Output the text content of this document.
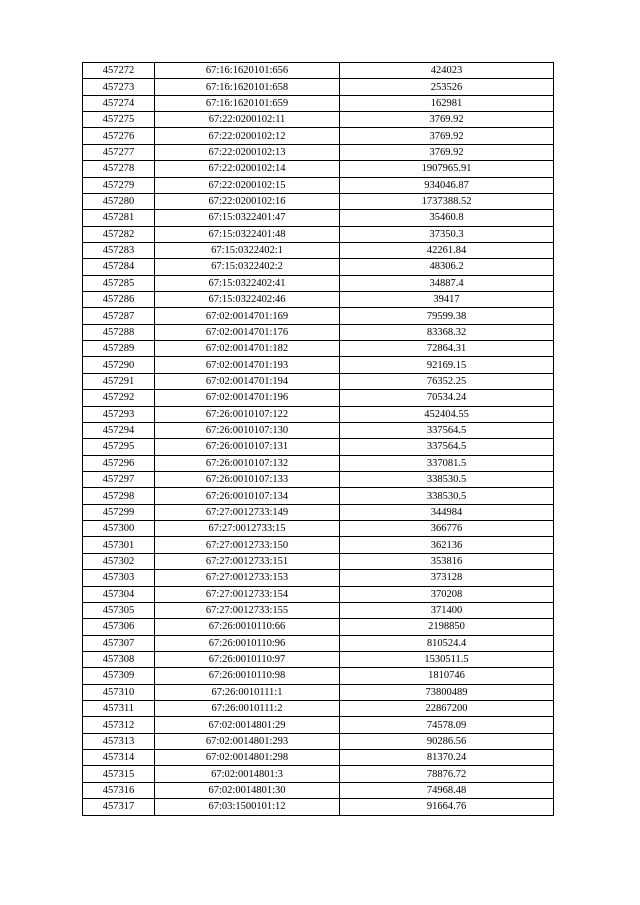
457272	67:16:1620101:656	424023
457273	67:16:1620101:658	253526
457274	67:16:1620101:659	162981
457275	67:22:0200102:11	3769.92
457276	67:22:0200102:12	3769.92
457277	67:22:0200102:13	3769.92
457278	67:22:0200102:14	1907965.91
457279	67:22:0200102:15	934046.87
457280	67:22:0200102:16	1737388.52
457281	67:15:0322401:47	35460.8
457282	67:15:0322401:48	37350.3
457283	67:15:0322402:1	42261.84
457284	67:15:0322402:2	48306.2
457285	67:15:0322402:41	34887.4
457286	67:15:0322402:46	39417
457287	67:02:0014701:169	79599.38
457288	67:02:0014701:176	83368.32
457289	67:02:0014701:182	72864.31
457290	67:02:0014701:193	92169.15
457291	67:02:0014701:194	76352.25
457292	67:02:0014701:196	70534.24
457293	67:26:0010107:122	452404.55
457294	67:26:0010107:130	337564.5
457295	67:26:0010107:131	337564.5
457296	67:26:0010107:132	337081.5
457297	67:26:0010107:133	338530.5
457298	67:26:0010107:134	338530.5
457299	67:27:0012733:149	344984
457300	67:27:0012733:15	366776
457301	67:27:0012733:150	362136
457302	67:27:0012733:151	353816
457303	67:27:0012733:153	373128
457304	67:27:0012733:154	370208
457305	67:27:0012733:155	371400
457306	67:26:0010110:66	2198850
457307	67:26:0010110:96	810524.4
457308	67:26:0010110:97	1530511.5
457309	67:26:0010110:98	1810746
457310	67:26:0010111:1	73800489
457311	67:26:0010111:2	22867200
457312	67:02:0014801:29	74578.09
457313	67:02:0014801:293	90286.56
457314	67:02:0014801:298	81370.24
457315	67:02:0014801:3	78876.72
457316	67:02:0014801:30	74968.48
457317	67:03:1500101:12	91664.76
